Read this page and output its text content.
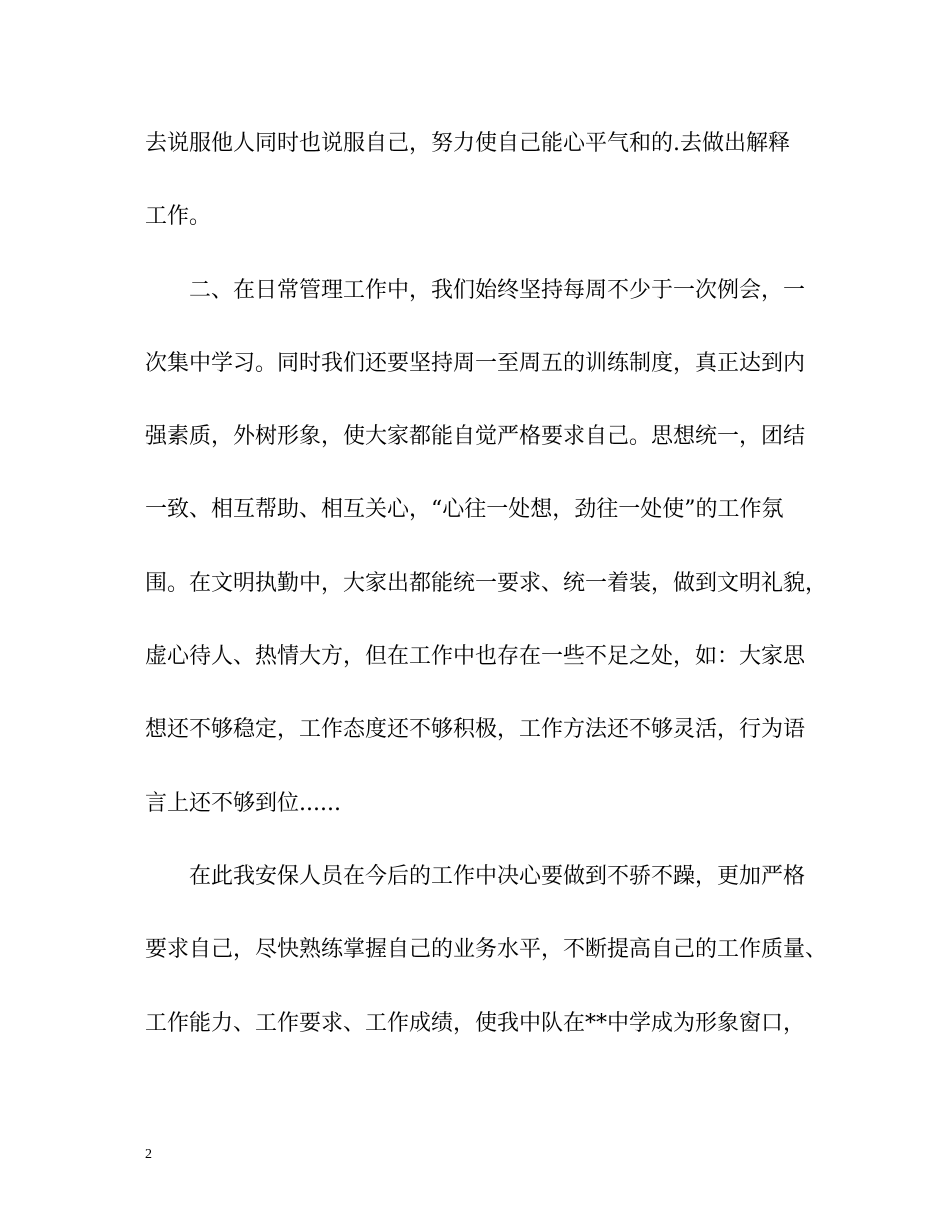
去说服他人同时也说服自己，努力使自己能心平气和的.去做出解释
工作。
二、在日常管理工作中，我们始终坚持每周不少于一次例会，一
次集中学习。同时我们还要坚持周一至周五的训练制度，真正达到内
强素质，外树形象，使大家都能自觉严格要求自己。思想统一，团结
一致、相互帮助、相互关心，“心往一处想，劲往一处使”的工作氛
围。在文明执勤中，大家出都能统一要求、统一着装，做到文明礼貌，
虚心待人、热情大方，但在工作中也存在一些不足之处，如：大家思
想还不够稳定，工作态度还不够积极，工作方法还不够灵活，行为语
言上还不够到位......
在此我安保人员在今后的工作中决心要做到不骄不躁，更加严格
要求自己，尽快熟练掌握自己的业务水平，不断提高自己的工作质量、
工作能力、工作要求、工作成绩，使我中队在**中学成为形象窗口，
2
